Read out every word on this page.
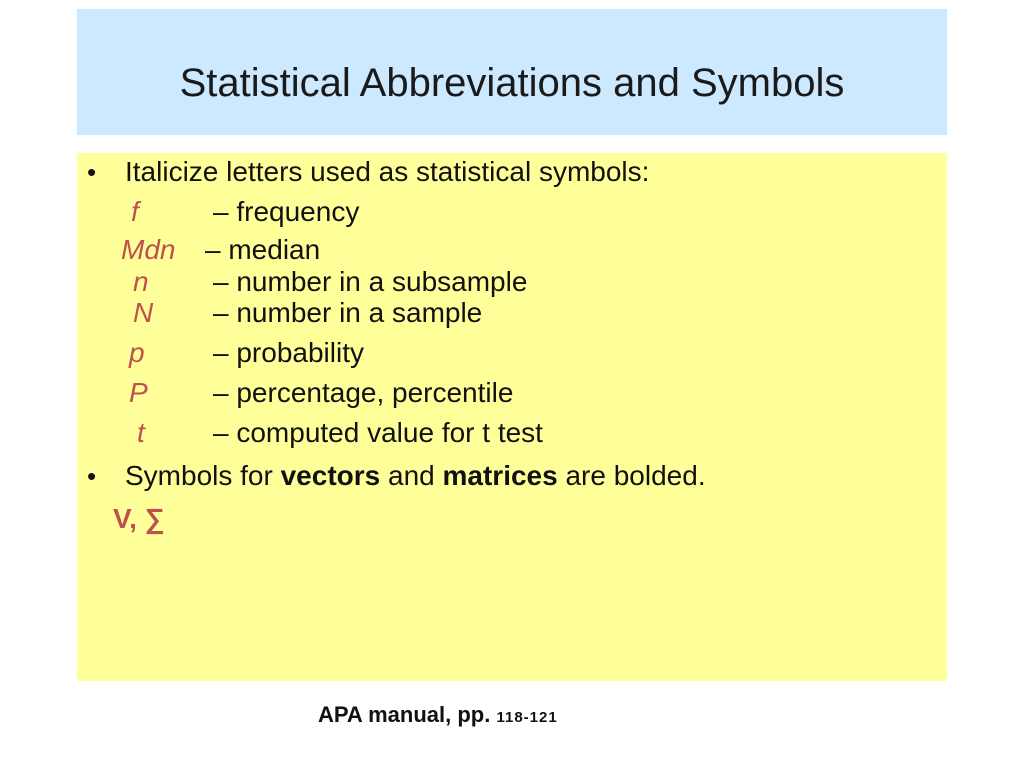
Statistical Abbreviations and Symbols
• Italicize letters used as statistical symbols:
f	– frequency
Mdn – median
n – number in a subsample
N – number in a sample
p – probability
P – percentage, percentile
t – computed value for t test
• Symbols for vectors and matrices are bolded.
V, ∑
APA manual, pp. 118-121
